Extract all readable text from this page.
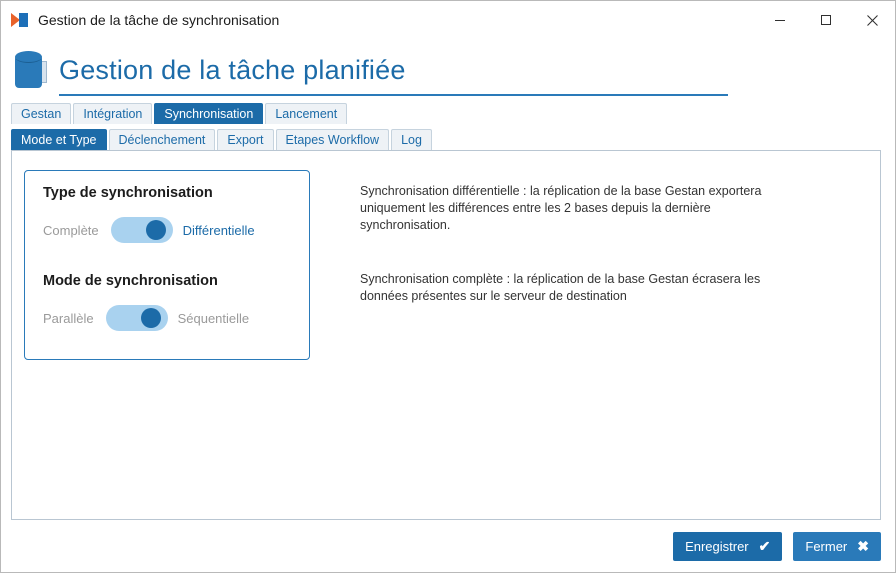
Gestion de la tâche de synchronisation
Gestion de la tâche planifiée
Gestan	Intégration	Synchronisation	Lancement
Mode et Type	Déclenchement	Export	Etapes Workflow	Log
Type de synchronisation
Complète	Différentielle
Mode de synchronisation
Parallèle	Séquentielle
Synchronisation différentielle : la réplication de la base Gestan exportera uniquement les différences entre les 2 bases depuis la dernière synchronisation.
Synchronisation complète : la réplication de la base Gestan écrasera les données présentes sur le serveur de destination
Enregistrer ✔	Fermer ✖
